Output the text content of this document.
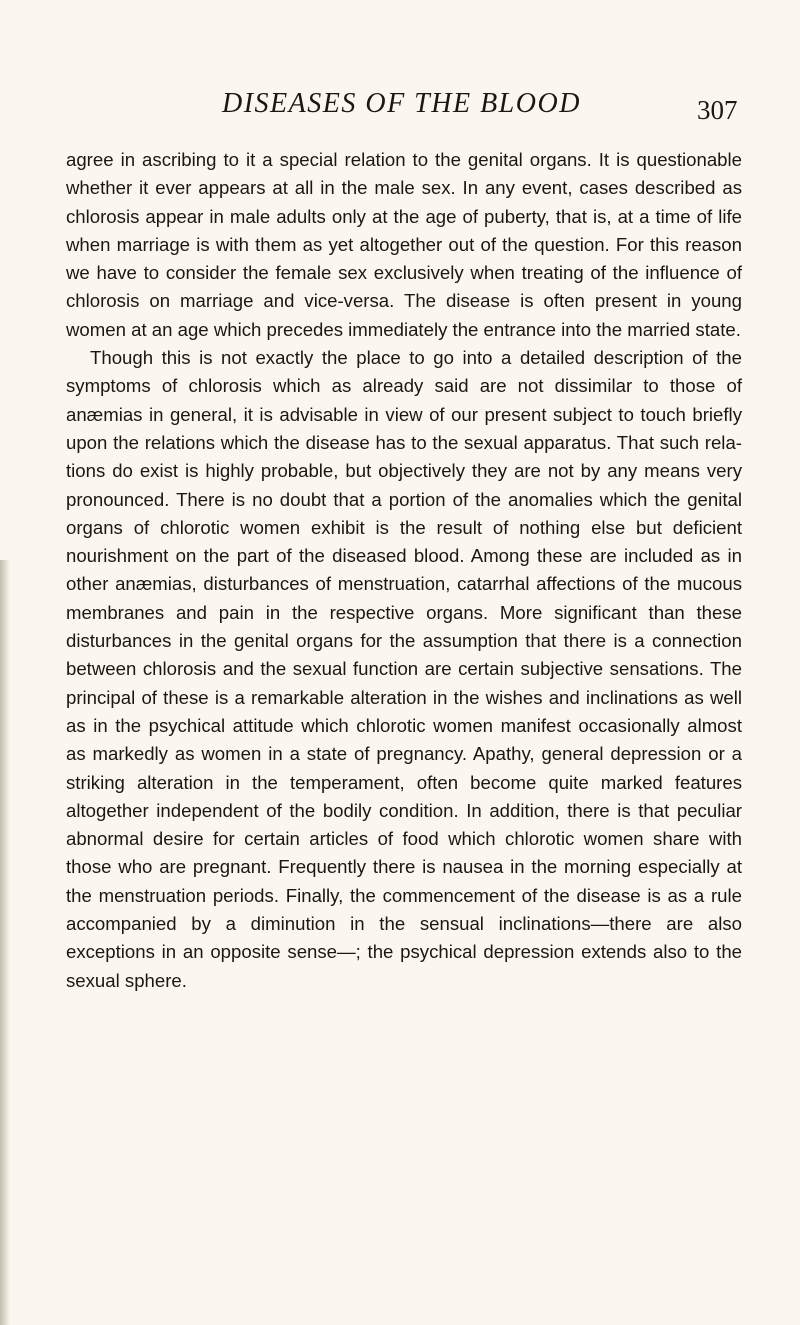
DISEASES OF THE BLOOD	307

agree in ascribing to it a special relation to the genital organs. It is questionable whether it ever appears at all in the male sex. In any event, cases described as chlorosis appear in male adults only at the age of puberty, that is, at a time of life when marriage is with them as yet altogether out of the question. For this reason we have to consider the female sex exclusively when treating of the influence of chlorosis on marriage and vice-versa. The disease is often present in young women at an age which precedes immediately the entrance into the married state.

Though this is not exactly the place to go into a detailed description of the symptoms of chlorosis which as already said are not dissimilar to those of anæmias in general, it is advisable in view of our present subject to touch briefly upon the relations which the disease has to the sexual apparatus. That such relations do exist is highly probable, but objectively they are not by any means very pronounced. There is no doubt that a portion of the anomalies which the genital organs of chlorotic women exhibit is the result of nothing else but deficient nourishment on the part of the diseased blood. Among these are included as in other anæmias, disturbances of menstruation, catarrhal affections of the mucous membranes and pain in the respective organs. More significant than these disturbances in the genital organs for the assumption that there is a connection between chlorosis and the sexual function are certain subjective sensations. The principal of these is a remarkable alteration in the wishes and inclinations as well as in the psychical attitude which chlorotic women manifest occasionally almost as markedly as women in a state of pregnancy. Apathy, general depression or a striking alteration in the temperament, often become quite marked features altogether independent of the bodily condition. In addition, there is that peculiar abnormal desire for certain articles of food which chlorotic women share with those who are pregnant. Frequently there is nausea in the morning especially at the menstruation periods. Finally, the commencement of the disease is as a rule accompanied by a diminution in the sensual inclinations—there are also exceptions in an opposite sense—; the psychical depression extends also to the sexual sphere.
